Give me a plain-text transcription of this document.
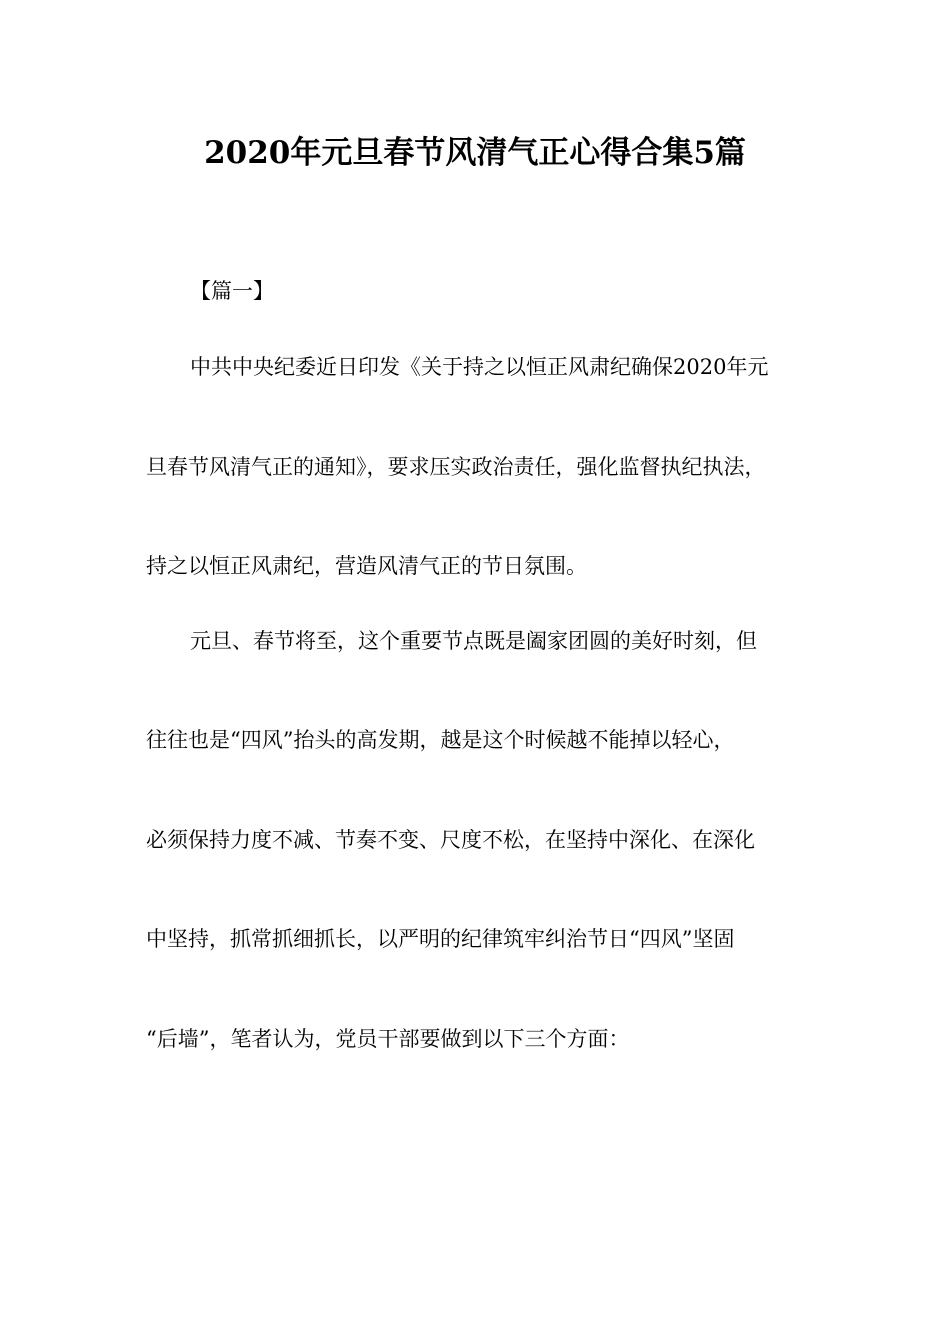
2020年元旦春节风清气正心得合集5篇
【篇一】
中共中央纪委近日印发《关于持之以恒正风肃纪确保2020年元
旦春节风清气正的通知》，要求压实政治责任，强化监督执纪执法，
持之以恒正风肃纪，营造风清气正的节日氛围。
元旦、春节将至，这个重要节点既是阖家团圆的美好时刻，但
往往也是“四风”抬头的高发期，越是这个时候越不能掉以轻心，
必须保持力度不减、节奏不变、尺度不松，在坚持中深化、在深化
中坚持，抓常抓细抓长，以严明的纪律筑牢纠治节日“四风”坚固
“后墙”，笔者认为，党员干部要做到以下三个方面：
